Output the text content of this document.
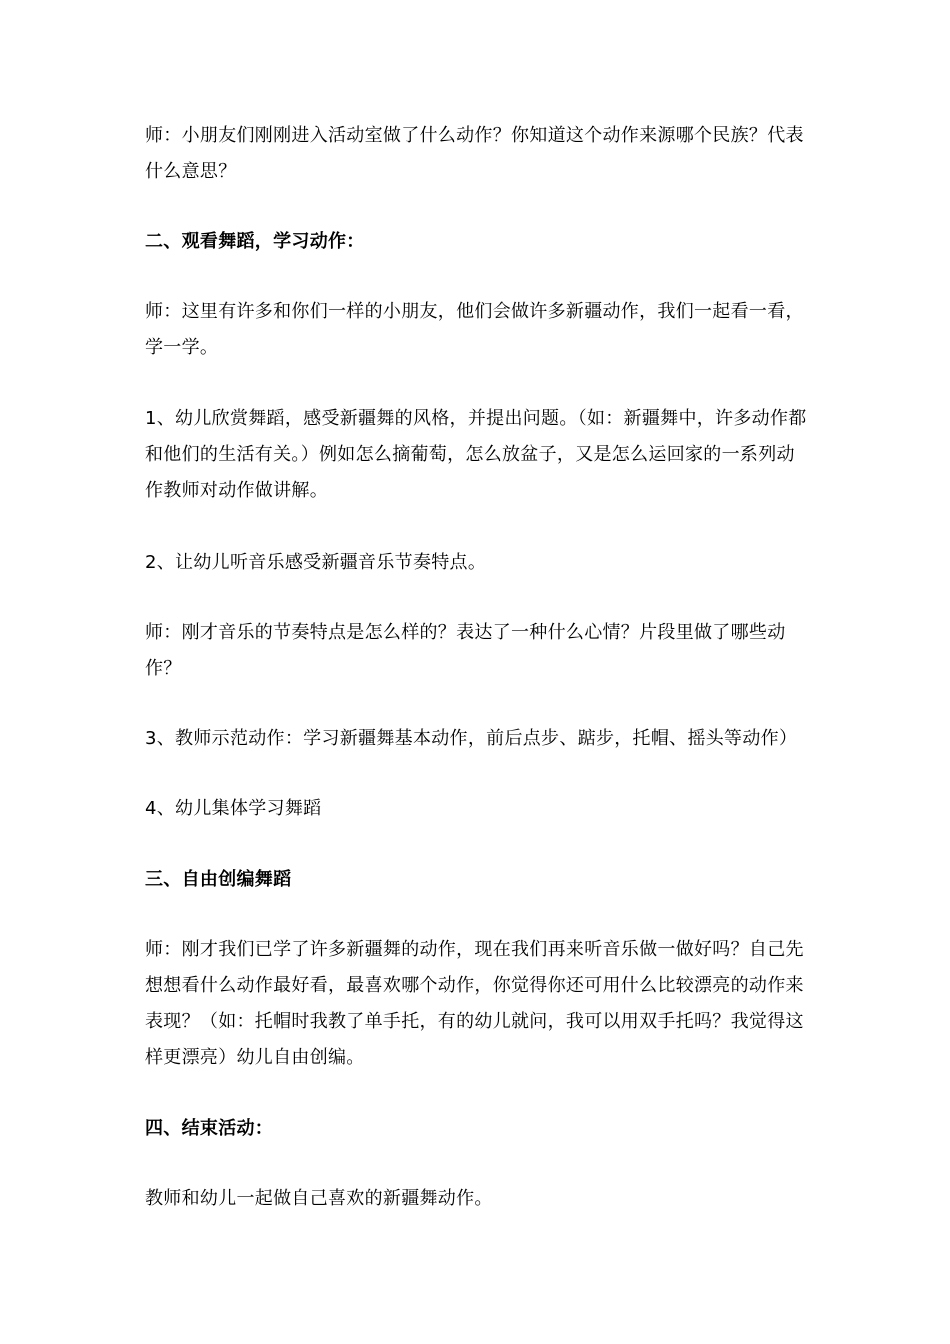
师：小朋友们刚刚进入活动室做了什么动作？你知道这个动作来源哪个民族？代表什么意思？

二、观看舞蹈，学习动作：

师：这里有许多和你们一样的小朋友，他们会做许多新疆动作，我们一起看一看，学一学。

1、幼儿欣赏舞蹈，感受新疆舞的风格，并提出问题。（如：新疆舞中，许多动作都和他们的生活有关。）例如怎么摘葡萄，怎么放盆子，又是怎么运回家的一系列动作教师对动作做讲解。

2、让幼儿听音乐感受新疆音乐节奏特点。

师：刚才音乐的节奏特点是怎么样的？表达了一种什么心情？片段里做了哪些动作？

3、教师示范动作：学习新疆舞基本动作，前后点步、踮步，托帽、摇头等动作）

4、幼儿集体学习舞蹈

三、自由创编舞蹈

师：刚才我们已学了许多新疆舞的动作，现在我们再来听音乐做一做好吗？自己先想想看什么动作最好看，最喜欢哪个动作，你觉得你还可用什么比较漂亮的动作来表现？（如：托帽时我教了单手托，有的幼儿就问，我可以用双手托吗？我觉得这样更漂亮）幼儿自由创编。

四、结束活动：

教师和幼儿一起做自己喜欢的新疆舞动作。
